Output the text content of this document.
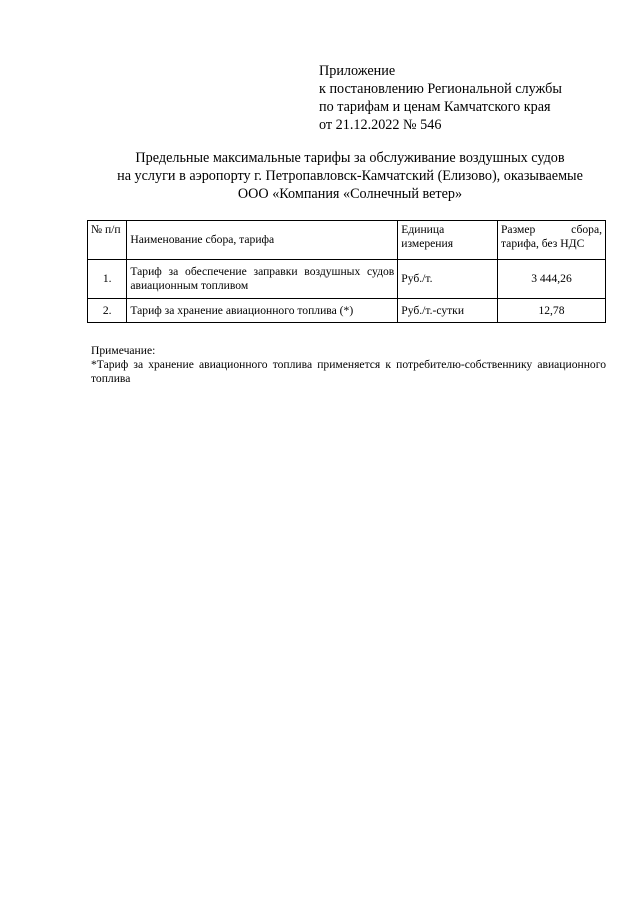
Приложение
к постановлению Региональной службы
по тарифам и ценам Камчатского края
от 21.12.2022 № 546
Предельные максимальные тарифы за обслуживание воздушных судов
на услуги в аэропорту г. Петропавловск-Камчатский (Елизово), оказываемые
ООО «Компания «Солнечный ветер»
№ п/п	Наименование сбора, тарифа	Единица измерения	Размер сбора, тарифа, без НДС
1.	Тариф за обеспечение заправки воздушных судов авиационным топливом	Руб./т.	3 444,26
2.	Тариф за хранение авиационного топлива (*)	Руб./т.-сутки	12,78
Примечание:
*Тариф за хранение авиационного топлива применяется к потребителю-собственнику авиационного топлива
